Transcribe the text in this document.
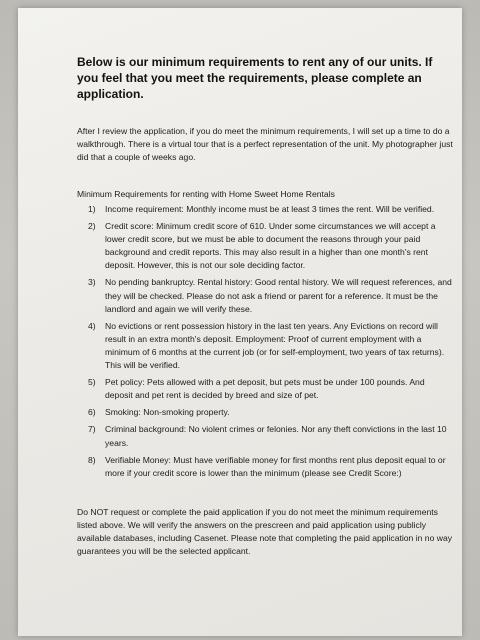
Below is our minimum requirements to rent any of our units. If you feel that you meet the requirements, please complete an application.

After I review the application, if you do meet the minimum requirements, I will set up a time to do a walkthrough. There is a virtual tour that is a perfect representation of the unit. My photographer just did that a couple of weeks ago.

Minimum Requirements for renting with Home Sweet Home Rentals

1) Income requirement: Monthly income must be at least 3 times the rent. Will be verified.
2) Credit score: Minimum credit score of 610. Under some circumstances we will accept a lower credit score, but we must be able to document the reasons through your paid background and credit reports. This may also result in a higher than one month's rent deposit. However, this is not our sole deciding factor.
3) No pending bankruptcy. Rental history: Good rental history. We will request references, and they will be checked. Please do not ask a friend or parent for a reference. It must be the landlord and again we will verify these.
4) No evictions or rent possession history in the last ten years. Any Evictions on record will result in an extra month's deposit. Employment: Proof of current employment with a minimum of 6 months at the current job (or for self-employment, two years of tax returns). This will be verified.
5) Pet policy: Pets allowed with a pet deposit, but pets must be under 100 pounds. And deposit and pet rent is decided by breed and size of pet.
6) Smoking: Non-smoking property.
7) Criminal background: No violent crimes or felonies. Nor any theft convictions in the last 10 years.
8) Verifiable Money: Must have verifiable money for first months rent plus deposit equal to or more if your credit score is lower than the minimum (please see Credit Score:)

Do NOT request or complete the paid application if you do not meet the minimum requirements listed above. We will verify the answers on the prescreen and paid application using publicly available databases, including Casenet. Please note that completing the paid application in no way guarantees you will be the selected applicant.
